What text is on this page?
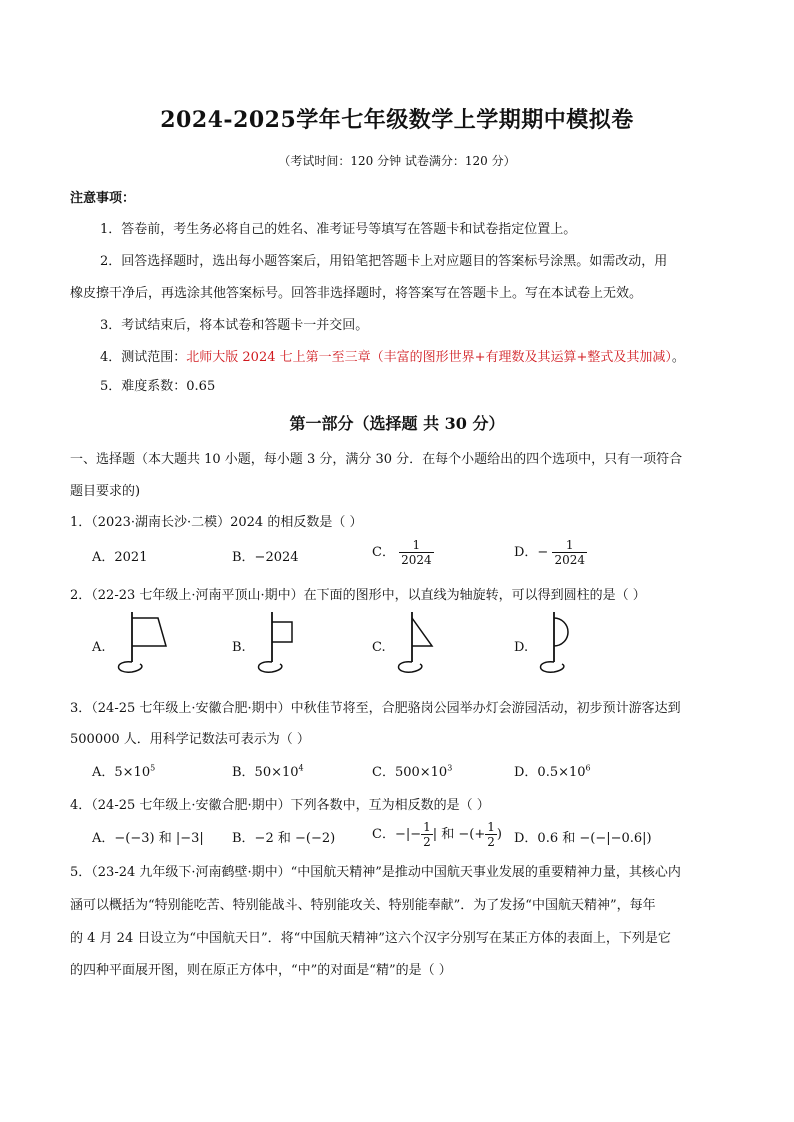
2024-2025学年七年级数学上学期期中模拟卷
（考试时间：120 分钟 试卷满分：120 分）
注意事项：
1．答卷前，考生务必将自己的姓名、准考证号等填写在答题卡和试卷指定位置上。
2．回答选择题时，选出每小题答案后，用铅笔把答题卡上对应题目的答案标号涂黑。如需改动，用
橡皮擦干净后，再选涂其他答案标号。回答非选择题时，将答案写在答题卡上。写在本试卷上无效。
3．考试结束后，将本试卷和答题卡一并交回。
4．测试范围：北师大版 2024 七上第一至三章（丰富的图形世界+有理数及其运算+整式及其加减）。
5．难度系数：0.65
第一部分（选择题 共 30 分）
一、选择题（本大题共 10 小题，每小题 3 分，满分 30 分．在每个小题给出的四个选项中，只有一项符合
题目要求的)
1．（2023·湖南长沙·二模）2024 的相反数是（ ）
A．2021	B．−2024	C． $\frac{1}{2024}$	D．− $\frac{1}{2024}$
2．（22-23 七年级上·河南平顶山·期中）在下面的图形中，以直线为轴旋转，可以得到圆柱的是（ ）
A.	B.	C.	D.
3．（24-25 七年级上·安徽合肥·期中）中秋佳节将至，合肥骆岗公园举办灯会游园活动，初步预计游客达到
500000 人．用科学记数法可表示为（ ）
A．$5\times 10^5$	B．$50\times 10^4$	C．$500\times 10^3$	D．$0.5\times 10^6$
4．（24-25 七年级上·安徽合肥·期中）下列各数中，互为相反数的是（ ）
A．−(−3) 和 |−3| B．−2 和 −(−2)	C．−|− $\frac{1}{2}$ | 和 −(+ $\frac{1}{2}$ ) D．0.6 和 −(−|−0.6|)
5．（23-24 九年级下·河南鹤壁·期中）“中国航天精神”是推动中国航天事业发展的重要精神力量，其核心内
涵可以概括为“特别能吃苦、特别能战斗、特别能攻关、特别能奉献”．为了发扬“中国航天精神”，每年
的 4 月 24 日设立为“中国航天日”．将“中国航天精神”这六个汉字分别写在某正方体的表面上，下列是它
的四种平面展开图，则在原正方体中，“中”的对面是“精”的是（ ）
